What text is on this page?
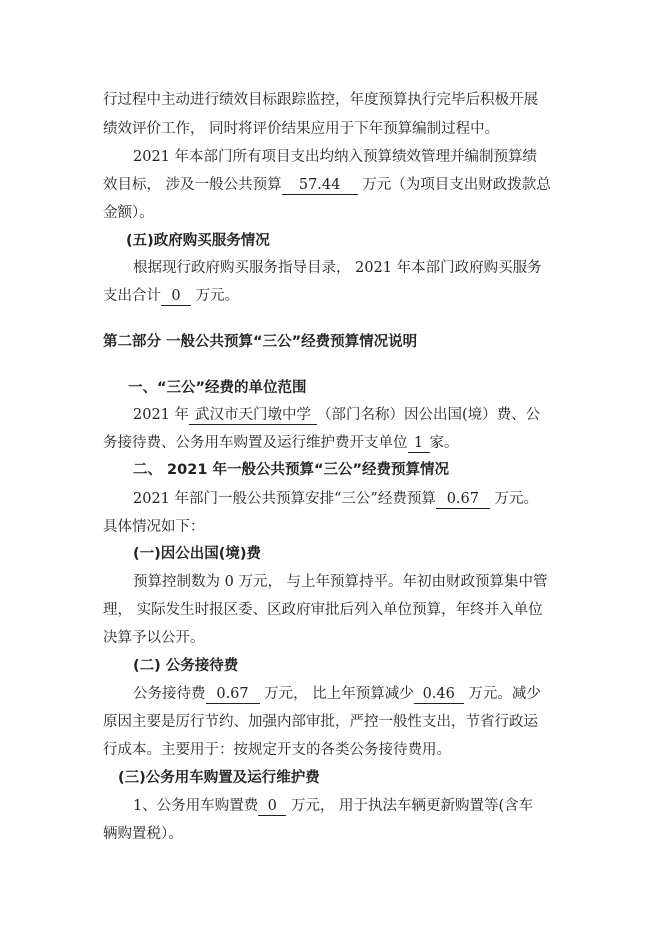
行过程中主动进行绩效目标跟踪监控，年度预算执行完毕后积极开展
绩效评价工作， 同时将评价结果应用于下年预算编制过程中。
2021 年本部门所有项目支出均纳入预算绩效管理并编制预算绩
效目标， 涉及一般公共预算 57.44 万元（为项目支出财政拨款总
金额）。
(五)政府购买服务情况
根据现行政府购买服务指导目录， 2021 年本部门政府购买服务
支出合计 0 万元。
第二部分 一般公共预算“三公”经费预算情况说明
一、“三公”经费的单位范围
2021 年 武汉市天门墩中学 （部门名称）因公出国(境）费、公
务接待费、公务用车购置及运行维护费开支单位 1 家。
二、 2021 年一般公共预算“三公”经费预算情况
2021 年部门一般公共预算安排“三公”经费预算 0.67 万元。
具体情况如下：
(一)因公出国(境)费
预算控制数为 0 万元， 与上年预算持平。年初由财政预算集中管
理， 实际发生时报区委、区政府审批后列入单位预算，年终并入单位
决算予以公开。
(二) 公务接待费
公务接待费 0.67 万元， 比上年预算减少 0.46 万元。减少
原因主要是厉行节约、加强内部审批，严控一般性支出，节省行政运
行成本。主要用于：按规定开支的各类公务接待费用。
(三)公务用车购置及运行维护费
1、公务用车购置费 0 万元， 用于执法车辆更新购置等(含车
辆购置税）。
